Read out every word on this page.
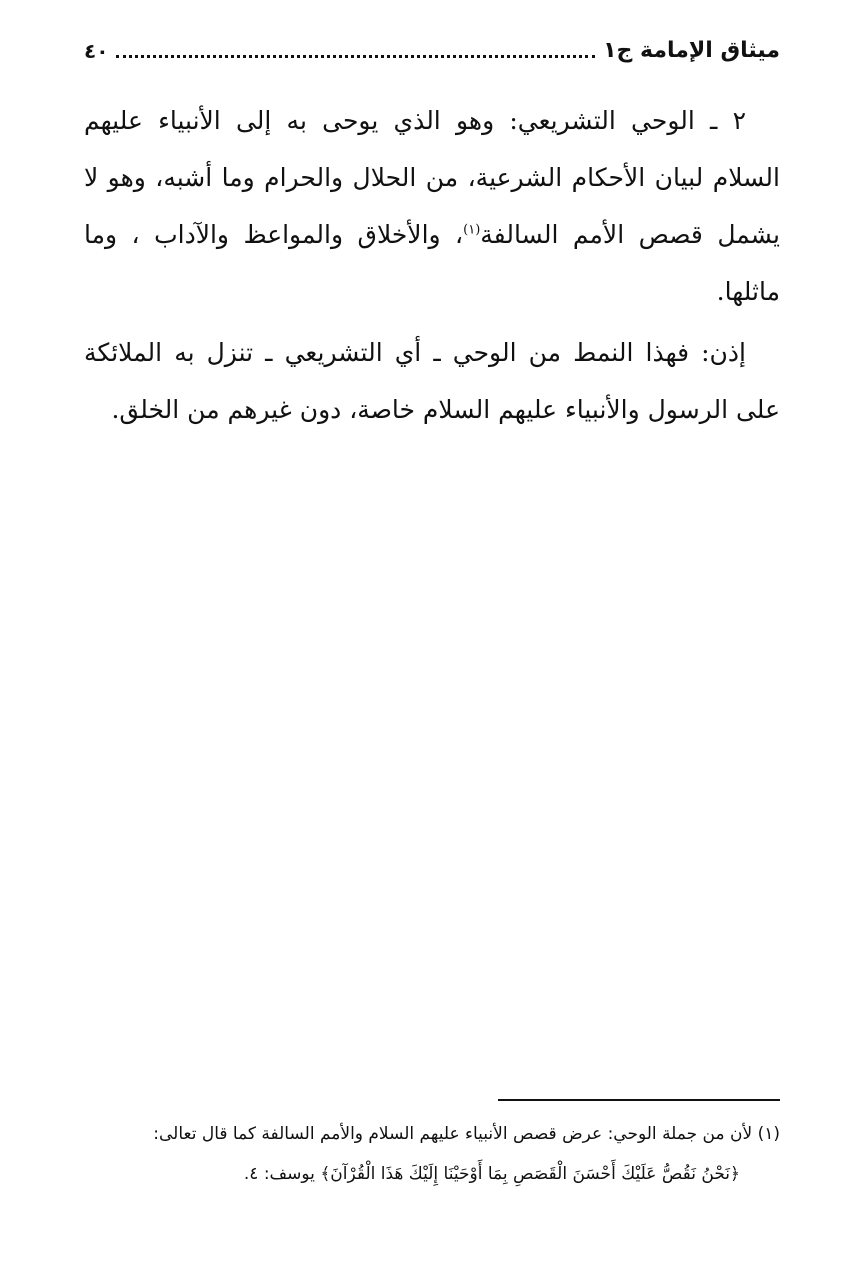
ميثاق الإمامة ج١
٤٠

٢ ـ الوحي التشريعي: وهو الذي يوحى به إلى الأنبياء عليهم السلام لبيان الأحكام الشرعية، من الحلال والحرام وما أشبه، وهو لا يشمل قصص الأمم السالفة$^{(١)}$، والأخلاق والمواعظ والآداب ، وما ماثلها.

إذن: فهذا النمط من الوحي ـ أي التشريعي ـ تنزل به الملائكة على الرسول والأنبياء عليهم السلام خاصة، دون غيرهم من الخلق.

(١) لأن من جملة الوحي: عرض قصص الأنبياء عليهم السلام والأمم السالفة كما قال تعالى:

﴿نَحْنُ نَقُصُّ عَلَيْكَ أَحْسَنَ الْقَصَصِ بِمَا أَوْحَيْنَا إِلَيْكَ هَذَا الْقُرْآنَ﴾ يوسف: ٤.
